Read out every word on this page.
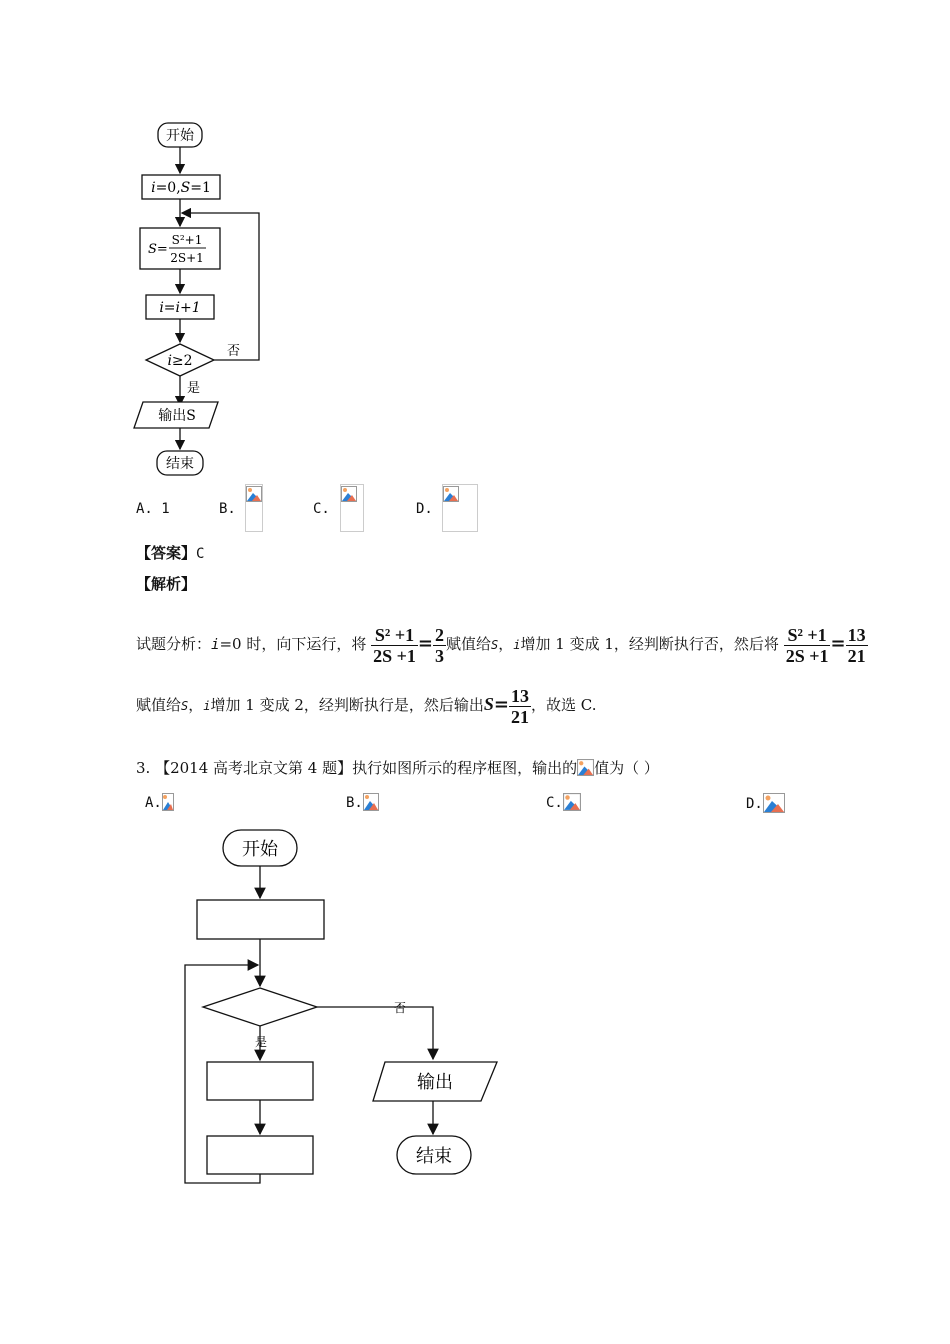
开始
i=0,S=1
S=
S²+1
2S+1
i=i+1
i≥2
否
是
输出S
结束
A. 1	B.	C.	D.
【答案】C
【解析】
试题分析：i=0 时，向下运行，将 $\frac{\text{S² +1}}{2S +1} = \frac{2}{3}$ 赋值给S，i增加 1 变成 1，经判断执行否，然后将 $\frac{\text{S² +1}}{2S +1} = \frac{13}{21}$
赋值给S，i增加 1 变成 2，经判断执行是，然后输出$S= \frac{13}{21}$ ，故选 C.
3. 【2014 高考北京文第 4 题】执行如图所示的程序框图，输出的 值为（ ）
A.	B.	C.	D.
开始
否
是
输出
结束
